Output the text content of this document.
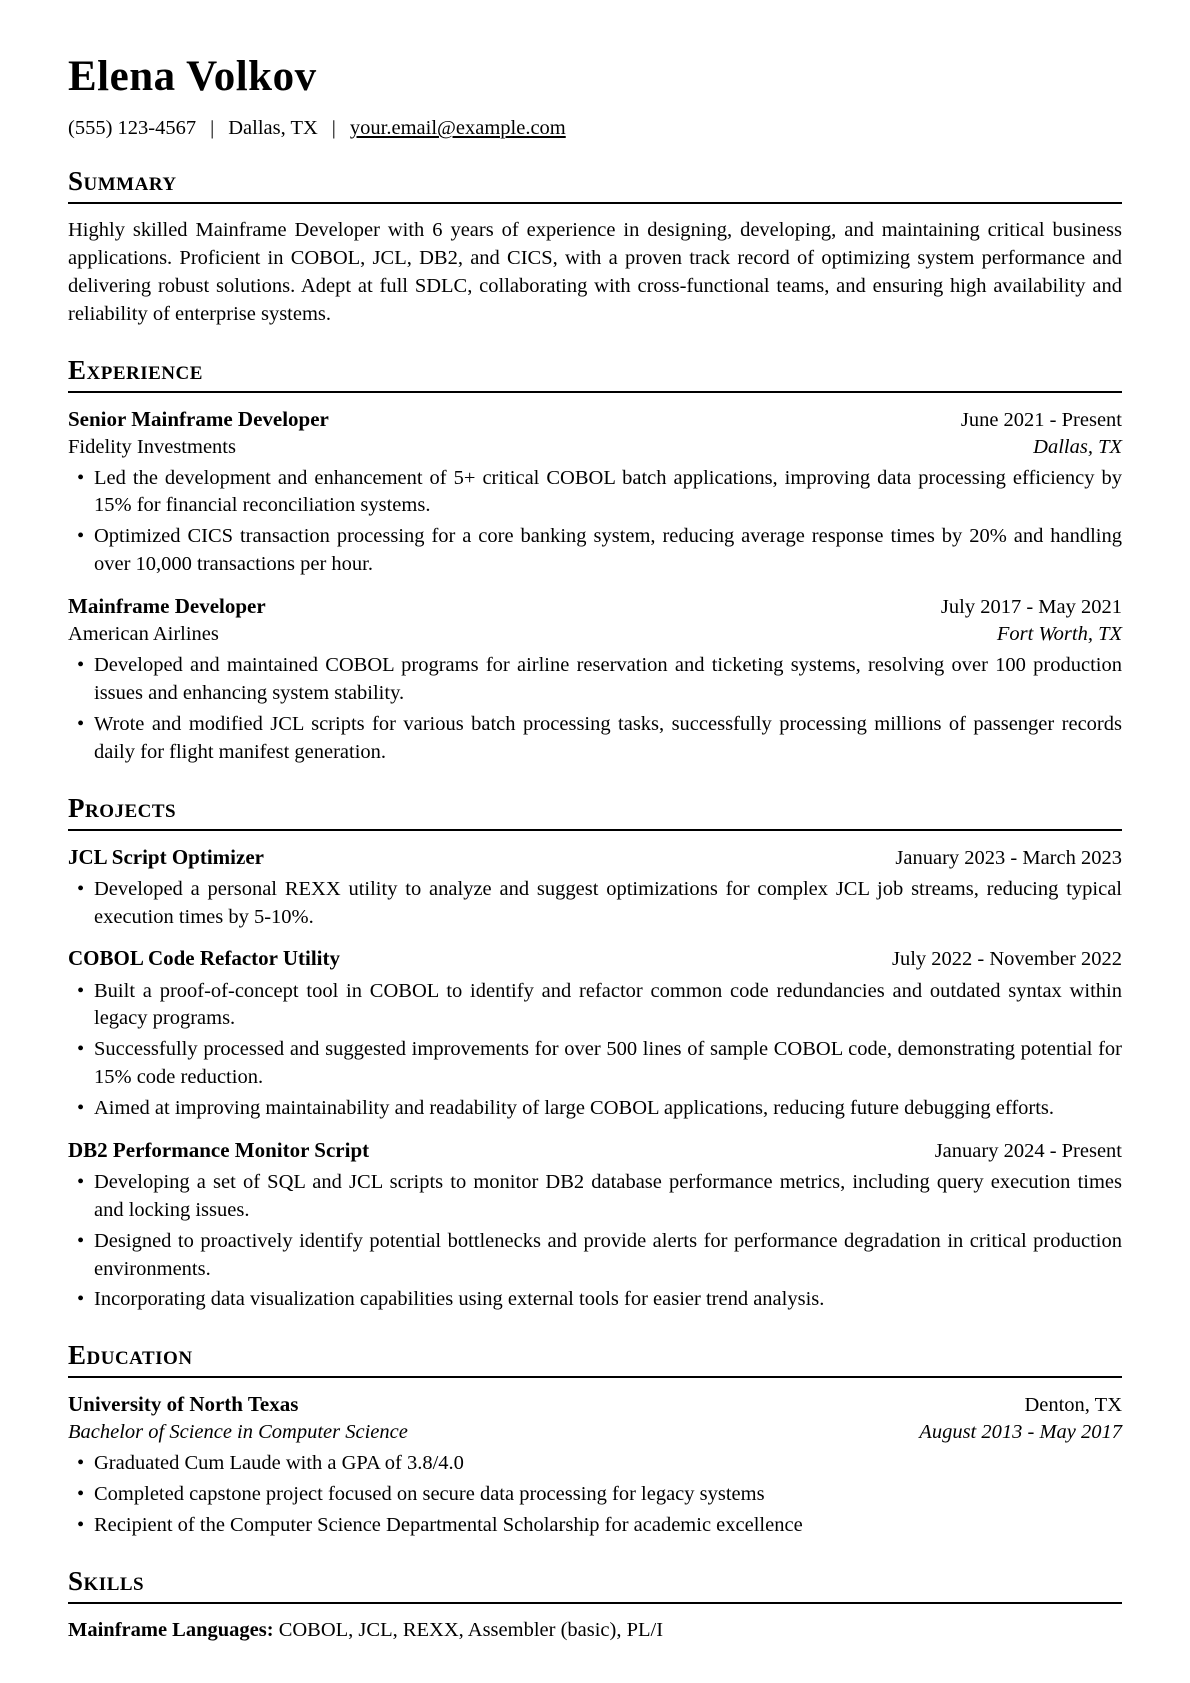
Elena Volkov
(555) 123-4567 | Dallas, TX | your.email@example.com
Summary

Highly skilled Mainframe Developer with 6 years of experience in designing, developing, and maintaining critical business applications. Proficient in COBOL, JCL, DB2, and CICS, with a proven track record of optimizing system performance and delivering robust solutions. Adept at full SDLC, collaborating with cross-functional teams, and ensuring high availability and reliability of enterprise systems.

Experience
Senior Mainframe Developer	June 2021 - Present
Fidelity Investments	Dallas, TX
• Led the development and enhancement of 5+ critical COBOL batch applications, improving data processing efficiency by 15% for financial reconciliation systems.
• Optimized CICS transaction processing for a core banking system, reducing average response times by 20% and handling over 10,000 transactions per hour.
Mainframe Developer	July 2017 - May 2021
American Airlines	Fort Worth, TX
• Developed and maintained COBOL programs for airline reservation and ticketing systems, resolving over 100 production issues and enhancing system stability.
• Wrote and modified JCL scripts for various batch processing tasks, successfully processing millions of passenger records daily for flight manifest generation.
Projects
JCL Script Optimizer	January 2023 - March 2023
• Developed a personal REXX utility to analyze and suggest optimizations for complex JCL job streams, reducing typical execution times by 5-10%.
COBOL Code Refactor Utility	July 2022 - November 2022
• Built a proof-of-concept tool in COBOL to identify and refactor common code redundancies and outdated syntax within legacy programs.
• Successfully processed and suggested improvements for over 500 lines of sample COBOL code, demonstrating potential for 15% code reduction.
• Aimed at improving maintainability and readability of large COBOL applications, reducing future debugging efforts.
DB2 Performance Monitor Script	January 2024 - Present
• Developing a set of SQL and JCL scripts to monitor DB2 database performance metrics, including query execution times and locking issues.
• Designed to proactively identify potential bottlenecks and provide alerts for performance degradation in critical production environments.
• Incorporating data visualization capabilities using external tools for easier trend analysis.
Education
University of North Texas	Denton, TX
Bachelor of Science in Computer Science	August 2013 - May 2017
• Graduated Cum Laude with a GPA of 3.8/4.0
• Completed capstone project focused on secure data processing for legacy systems
• Recipient of the Computer Science Departmental Scholarship for academic excellence
Skills

Mainframe Languages: COBOL, JCL, REXX, Assembler (basic), PL/I
